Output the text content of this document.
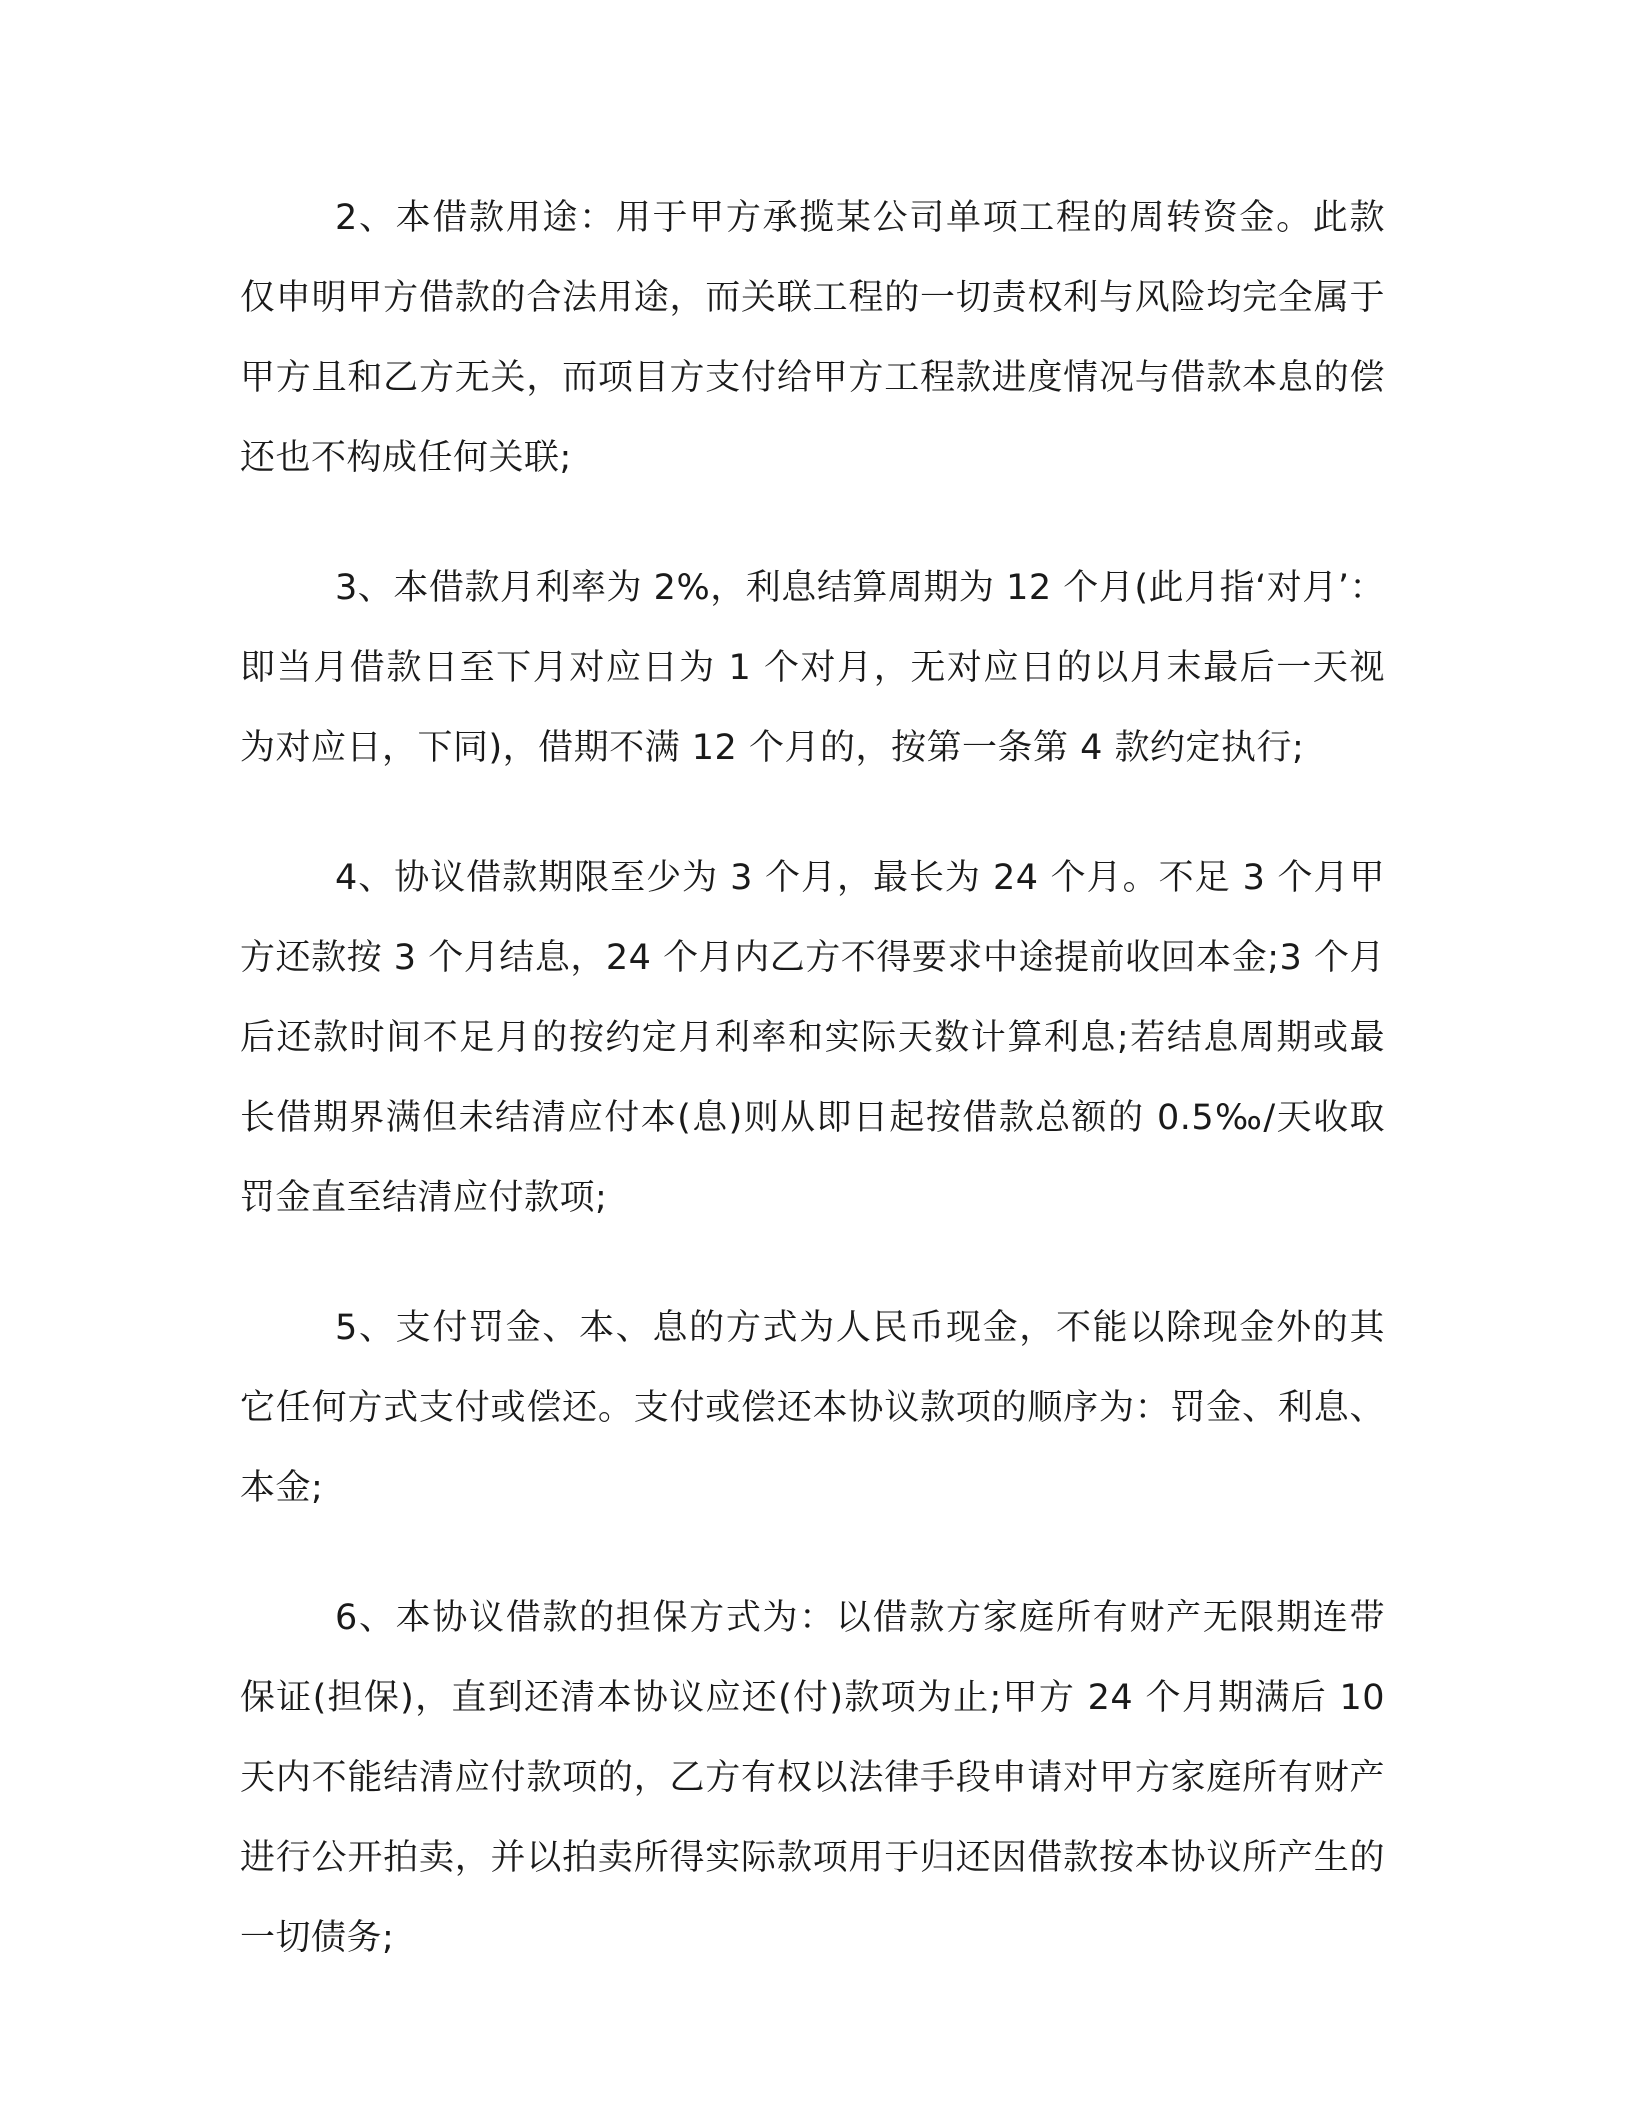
2、本借款用途：用于甲方承揽某公司单项工程的周转资金。此款仅申明甲方借款的合法用途，而关联工程的一切责权利与风险均完全属于甲方且和乙方无关，而项目方支付给甲方工程款进度情况与借款本息的偿还也不构成任何关联;

3、本借款月利率为 2%，利息结算周期为 12 个月(此月指‘对月’：即当月借款日至下月对应日为 1 个对月，无对应日的以月末最后一天视为对应日，下同)，借期不满 12 个月的，按第一条第 4 款约定执行;

4、协议借款期限至少为 3 个月，最长为 24 个月。不足 3 个月甲方还款按 3 个月结息，24 个月内乙方不得要求中途提前收回本金;3 个月后还款时间不足月的按约定月利率和实际天数计算利息;若结息周期或最长借期界满但未结清应付本(息)则从即日起按借款总额的 0.5‰/天收取罚金直至结清应付款项;

5、支付罚金、本、息的方式为人民币现金，不能以除现金外的其它任何方式支付或偿还。支付或偿还本协议款项的顺序为：罚金、利息、本金;

6、本协议借款的担保方式为：以借款方家庭所有财产无限期连带保证(担保)，直到还清本协议应还(付)款项为止;甲方 24 个月期满后 10 天内不能结清应付款项的，乙方有权以法律手段申请对甲方家庭所有财产进行公开拍卖，并以拍卖所得实际款项用于归还因借款按本协议所产生的一切债务;
